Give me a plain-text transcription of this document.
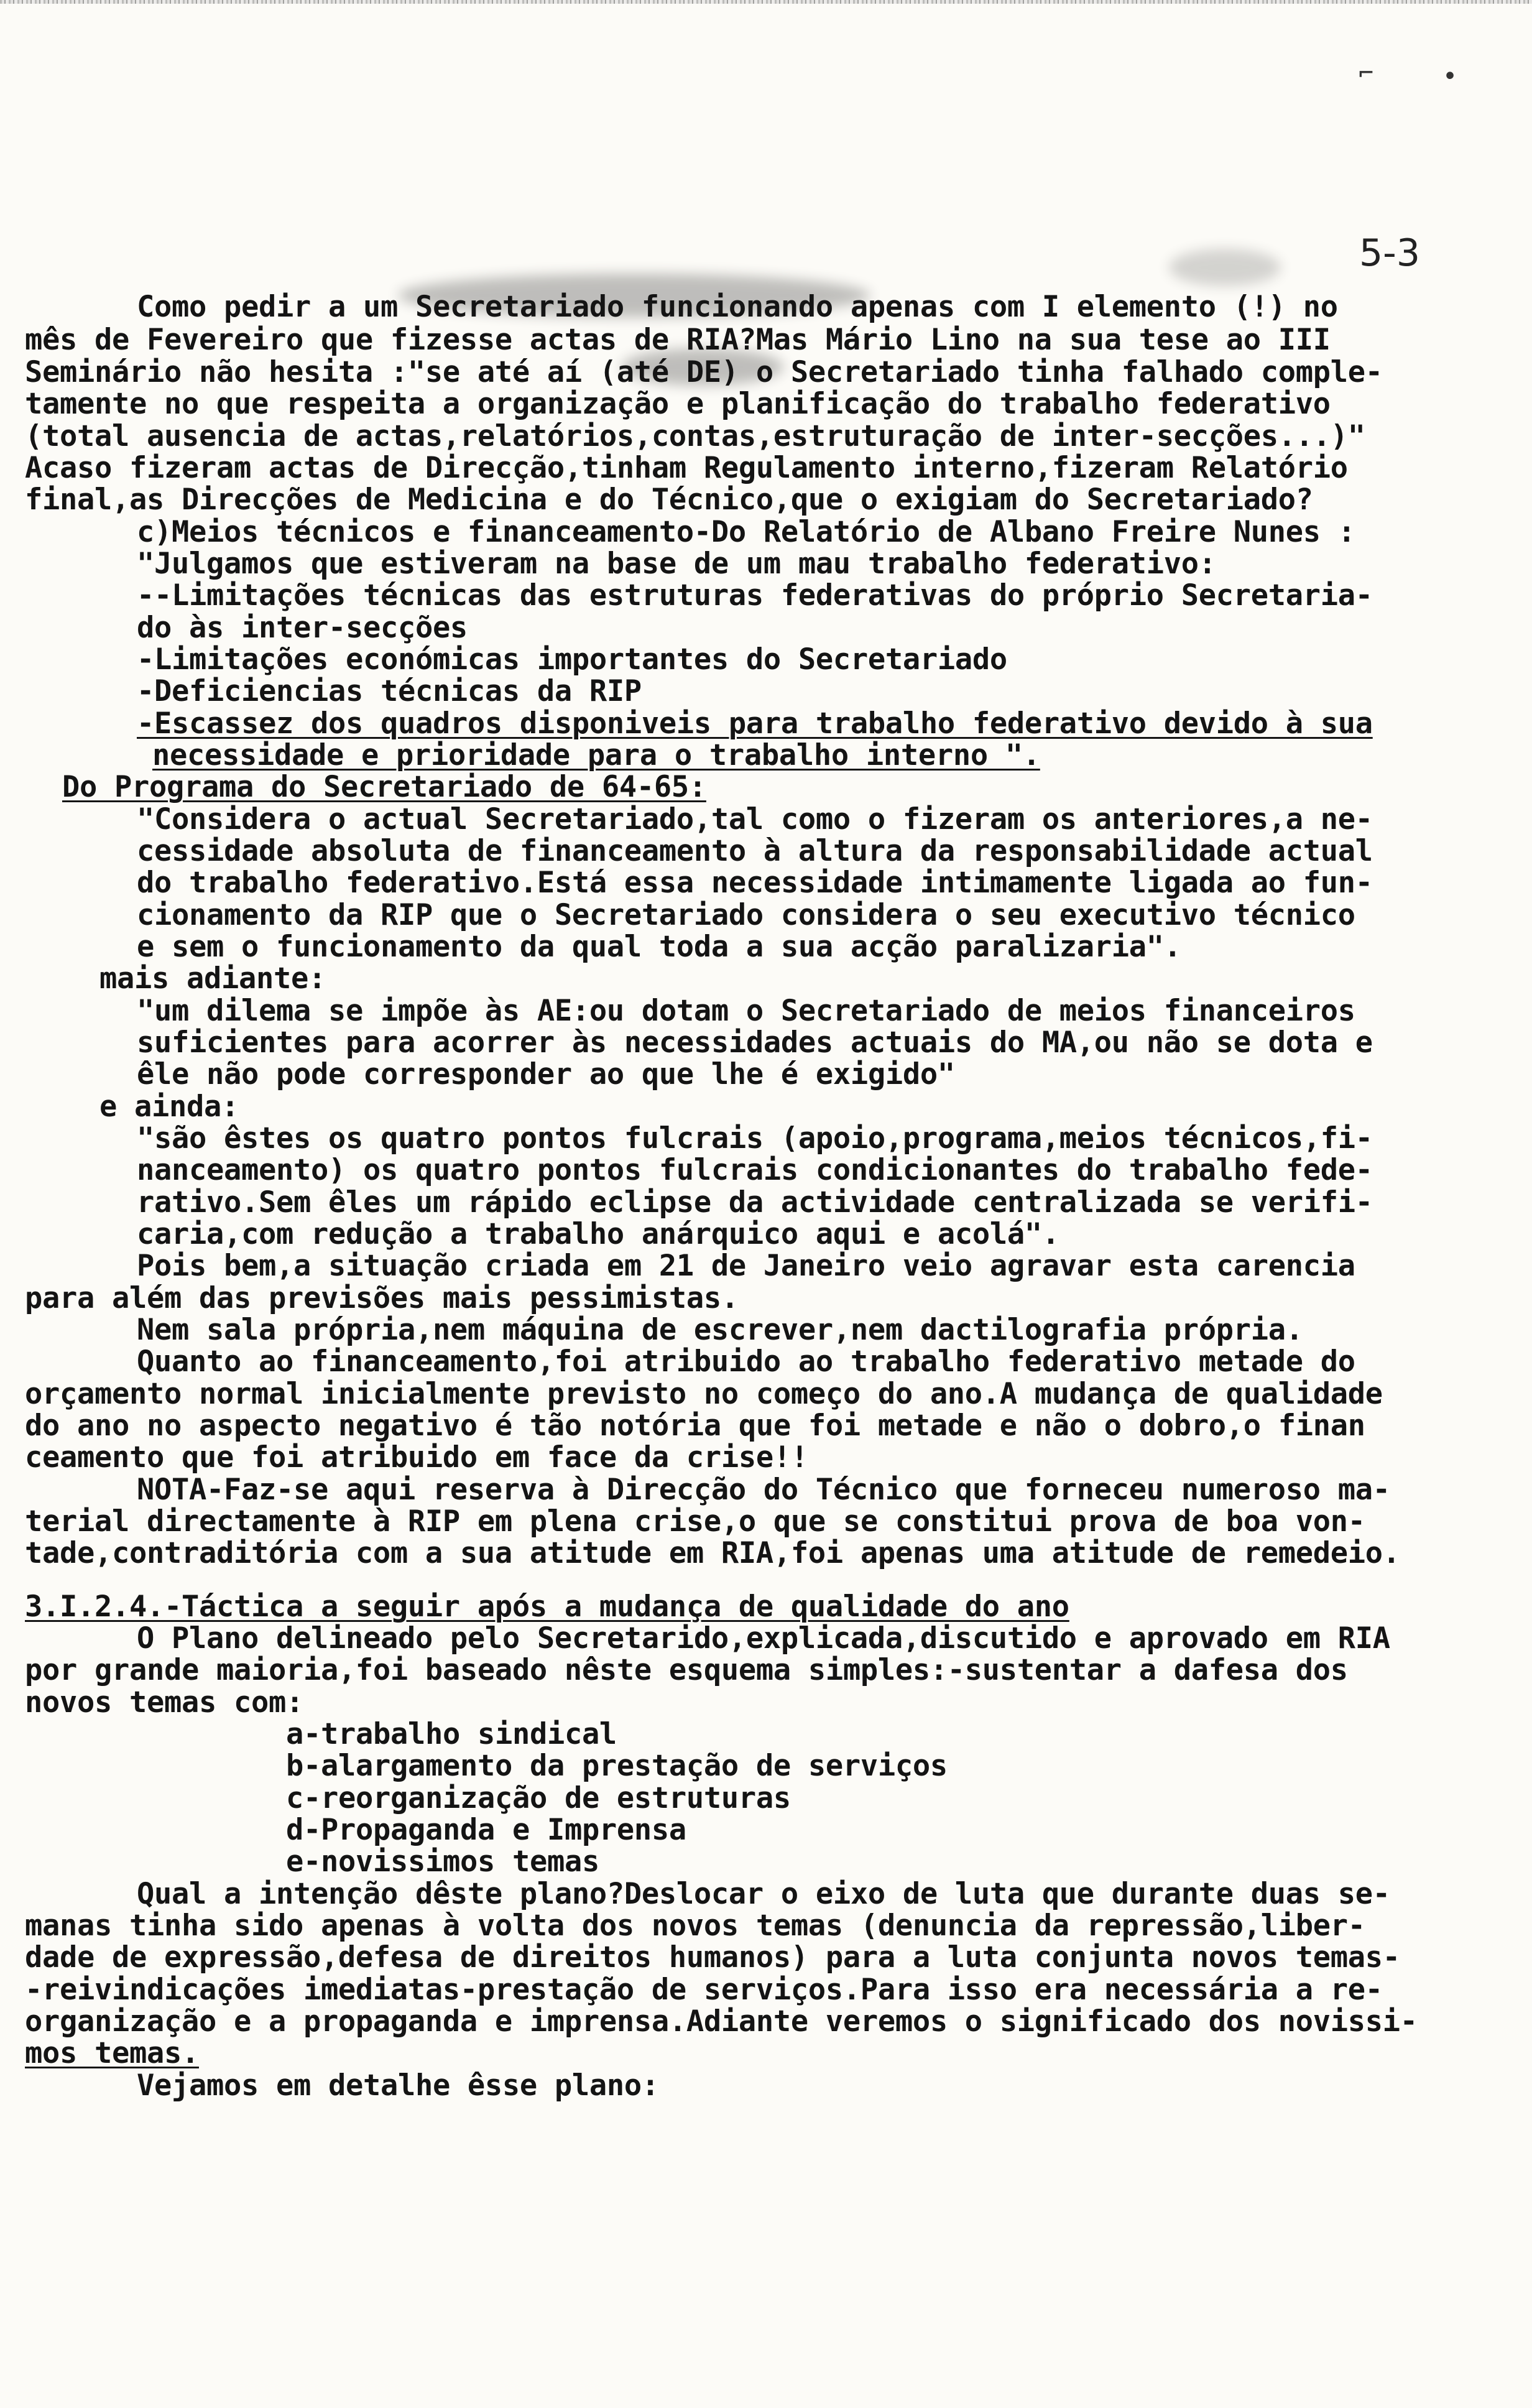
⌐	•
5-3
Como pedir a um Secretariado funcionando apenas com I elemento (!) no
mês de Fevereiro que fizesse actas de RIA?Mas Mário Lino na sua tese ao III
Seminário não hesita :"se até aí (até DE) o Secretariado tinha falhado comple-
tamente no que respeita a organização e planificação do trabalho federativo
(total ausencia de actas,relatórios,contas,estruturação de inter-secções...)"
Acaso fizeram actas de Direcção,tinham Regulamento interno,fizeram Relatório
final,as Direcções de Medicina e do Técnico,que o exigiam do Secretariado?
c)Meios técnicos e financeamento-Do Relatório de Albano Freire Nunes :
"Julgamos que estiveram na base de um mau trabalho federativo:
--Limitações técnicas das estruturas federativas do próprio Secretaria-
do às inter-secções
-Limitações económicas importantes do Secretariado
-Deficiencias técnicas da RIP
-Escassez dos quadros disponiveis para trabalho federativo devido à sua
necessidade e prioridade para o trabalho interno ".
Do Programa do Secretariado de 64-65:
"Considera o actual Secretariado,tal como o fizeram os anteriores,a ne-
cessidade absoluta de financeamento à altura da responsabilidade actual
do trabalho federativo.Está essa necessidade intimamente ligada ao fun-
cionamento da RIP que o Secretariado considera o seu executivo técnico
e sem o funcionamento da qual toda a sua acção paralizaria".
mais adiante:
"um dilema se impõe às AE:ou dotam o Secretariado de meios financeiros
suficientes para acorrer às necessidades actuais do MA,ou não se dota e
êle não pode corresponder ao que lhe é exigido"
e ainda:
"são êstes os quatro pontos fulcrais (apoio,programa,meios técnicos,fi-
nanceamento) os quatro pontos fulcrais condicionantes do trabalho fede-
rativo.Sem êles um rápido eclipse da actividade centralizada se verifi-
caria,com redução a trabalho anárquico aqui e acolá".
Pois bem,a situação criada em 21 de Janeiro veio agravar esta carencia
para além das previsões mais pessimistas.
Nem sala própria,nem máquina de escrever,nem dactilografia própria.
Quanto ao financeamento,foi atribuido ao trabalho federativo metade do
orçamento normal inicialmente previsto no começo do ano.A mudança de qualidade
do ano no aspecto negativo é tão notória que foi metade e não o dobro,o finan
ceamento que foi atribuido em face da crise!!
NOTA-Faz-se aqui reserva à Direcção do Técnico que forneceu numeroso ma-
terial directamente à RIP em plena crise,o que se constitui prova de boa von-
tade,contraditória com a sua atitude em RIA,foi apenas uma atitude de remedeio.
3.I.2.4.-Táctica a seguir após a mudança de qualidade do ano
O Plano delineado pelo Secretarido,explicada,discutido e aprovado em RIA
por grande maioria,foi baseado nêste esquema simples:-sustentar a dafesa dos
novos temas com:
a-trabalho sindical
b-alargamento da prestação de serviços
c-reorganização de estruturas
d-Propaganda e Imprensa
e-novissimos temas
Qual a intenção dêste plano?Deslocar o eixo de luta que durante duas se-
manas tinha sido apenas à volta dos novos temas (denuncia da repressão,liber-
dade de expressão,defesa de direitos humanos) para a luta conjunta novos temas-
-reivindicações imediatas-prestação de serviços.Para isso era necessária a re-
organização e a propaganda e imprensa.Adiante veremos o significado dos novissi-
mos temas.
Vejamos em detalhe êsse plano:
